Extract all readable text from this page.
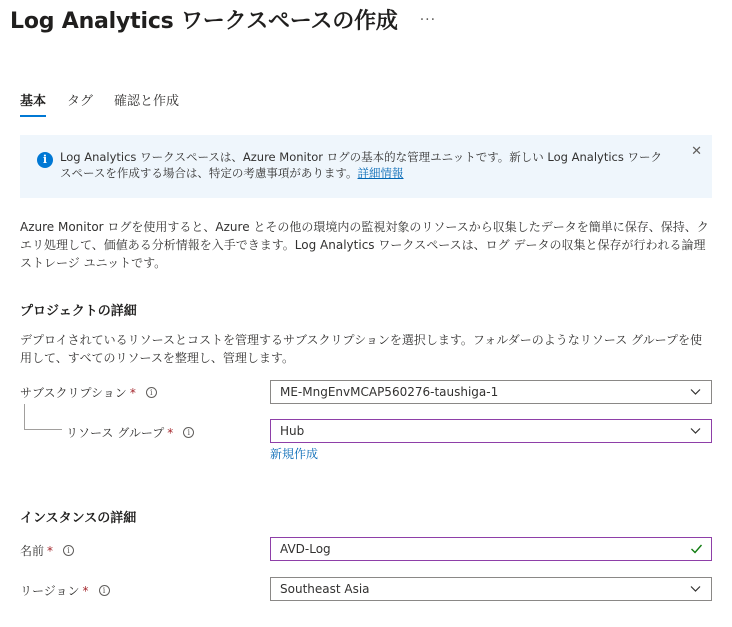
Log Analytics ワークスペースの作成 ···
基本 タグ 確認と作成
i	Log Analytics ワークスペースは、Azure Monitor ログの基本的な管理ユニットです。新しい Log Analytics ワークスペースを作成する場合は、特定の考慮事項があります。詳細情報

✕

Azure Monitor ログを使用すると、Azure とその他の環境内の監視対象のリソースから収集したデータを簡単に保存、保持、クエリ処理して、価値ある分析情報を入手できます。Log Analytics ワークスペースは、ログ データの収集と保存が行われる論理ストレージ ユニットです。

プロジェクトの詳細

デプロイされているリソースとコストを管理するサブスクリプションを選択します。フォルダーのようなリソース グループを使用して、すべてのリソースを整理し、管理します。

サブスクリプション *	i	ME-MngEnvMCAP560276-taushiga-1
リソース グループ *	i	Hub
新規作成
インスタンスの詳細
名前 *	i	AVD-Log
リージョン *	i	Southeast Asia
